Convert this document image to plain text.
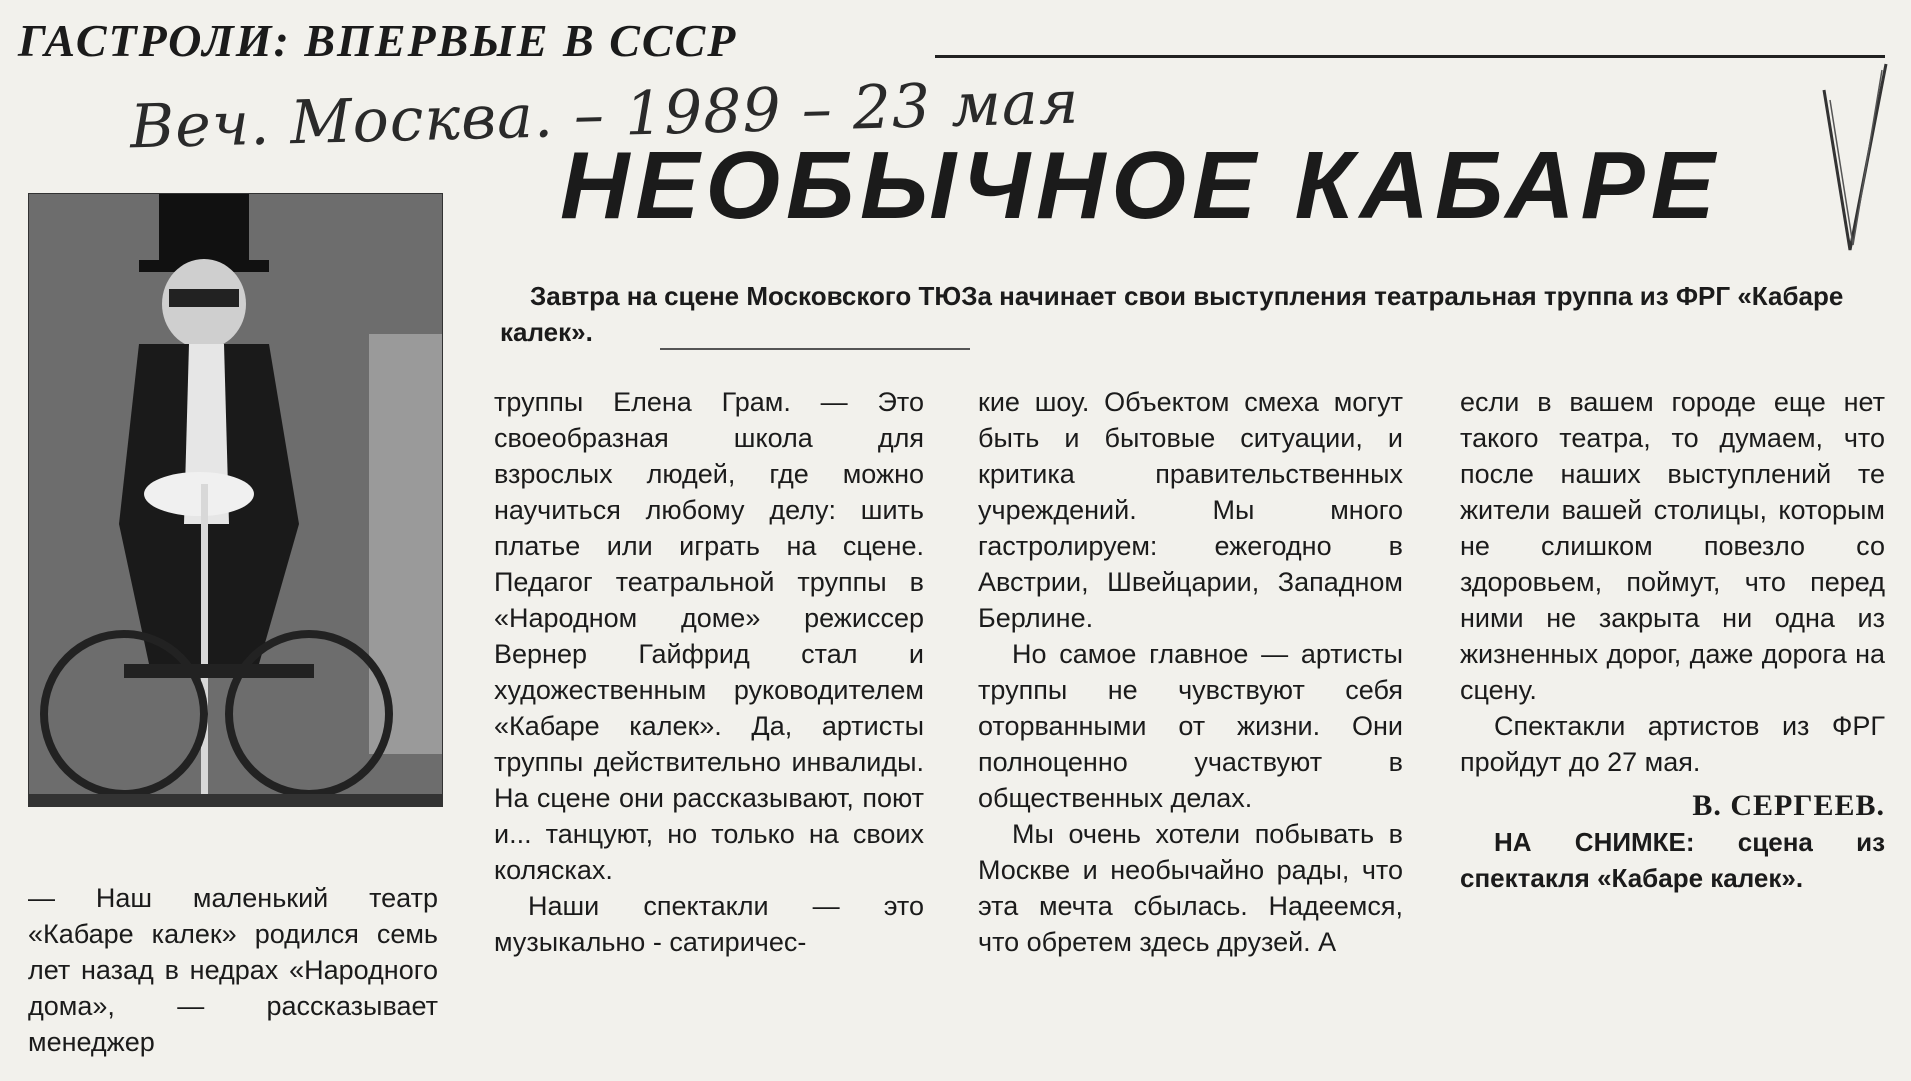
ГАСТРОЛИ: ВПЕРВЫЕ В СССР
Веч. Москва. – 1989 – 23 мая
НЕОБЫЧНОЕ КАБАРЕ
Завтра на сцене Московского ТЮЗа начинает свои выступления театральная труппа из ФРГ «Кабаре калек».

— Наш маленький театр «Кабаре калек» родился семь лет назад в недрах «Народного дома», — рассказывает менеджер

труппы Елена Грам. — Это своеобразная школа для взрослых людей, где можно научиться любому делу: шить платье или играть на сцене. Педагог театральной труппы в «Народном доме» режиссер Вернер Гайфрид стал и художественным руководителем «Кабаре калек». Да, артисты труппы действительно инвалиды. На сцене они рассказывают, поют и... танцуют, но только на своих колясках.

Наши спектакли — это музыкально - сатиричес-

кие шоу. Объектом смеха могут быть и бытовые ситуации, и критика правительственных учреждений. Мы много гастролируем: ежегодно в Австрии, Швейцарии, Западном Берлине.

Но самое главное — артисты труппы не чувствуют себя оторванными от жизни. Они полноценно участвуют в общественных делах.

Мы очень хотели побывать в Москве и необычайно рады, что эта мечта сбылась. Надеемся, что обретем здесь друзей. А

если в вашем городе еще нет такого театра, то думаем, что после наших выступлений те жители вашей столицы, которым не слишком повезло со здоровьем, поймут, что перед ними не закрыта ни одна из жизненных дорог, даже дорога на сцену.

Спектакли артистов из ФРГ пройдут до 27 мая.

В. СЕРГЕЕВ.

НА СНИМКЕ: сцена из спектакля «Кабаре калек».
